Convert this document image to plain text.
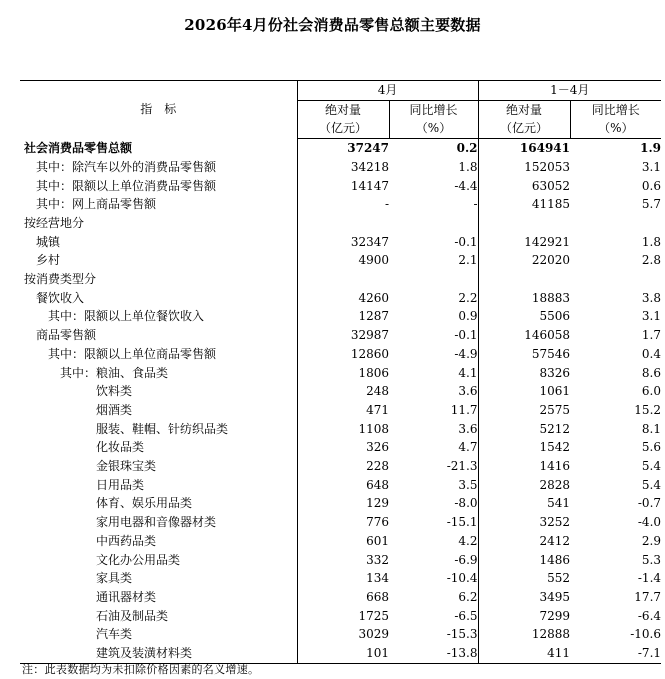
2026年4月份社会消费品零售总额主要数据
指　标	4月		1－4月	
	绝对量	同比增长	绝对量	同比增长
	（亿元）	（%）	（亿元）	（%）
社会消费品零售总额	37247	0.2	164941	1.9
其中：除汽车以外的消费品零售额	34218	1.8	152053	3.1
其中：限额以上单位消费品零售额	14147	-4.4	63052	0.6
其中：网上商品零售额	-	-	41185	5.7
按经营地分				
城镇	32347	-0.1	142921	1.8
乡村	4900	2.1	22020	2.8
按消费类型分				
餐饮收入	4260	2.2	18883	3.8
其中：限额以上单位餐饮收入	1287	0.9	5506	3.1
商品零售额	32987	-0.1	146058	1.7
其中：限额以上单位商品零售额	12860	-4.9	57546	0.4
其中：粮油、食品类	1806	4.1	8326	8.6
饮料类	248	3.6	1061	6.0
烟酒类	471	11.7	2575	15.2
服装、鞋帽、针纺织品类	1108	3.6	5212	8.1
化妆品类	326	4.7	1542	5.6
金银珠宝类	228	-21.3	1416	5.4
日用品类	648	3.5	2828	5.4
体育、娱乐用品类	129	-8.0	541	-0.7
家用电器和音像器材类	776	-15.1	3252	-4.0
中西药品类	601	4.2	2412	2.9
文化办公用品类	332	-6.9	1486	5.3
家具类	134	-10.4	552	-1.4
通讯器材类	668	6.2	3495	17.7
石油及制品类	1725	-6.5	7299	-6.4
汽车类	3029	-15.3	12888	-10.6
建筑及装潢材料类	101	-13.8	411	-7.1
注：此表数据均为未扣除价格因素的名义增速。
